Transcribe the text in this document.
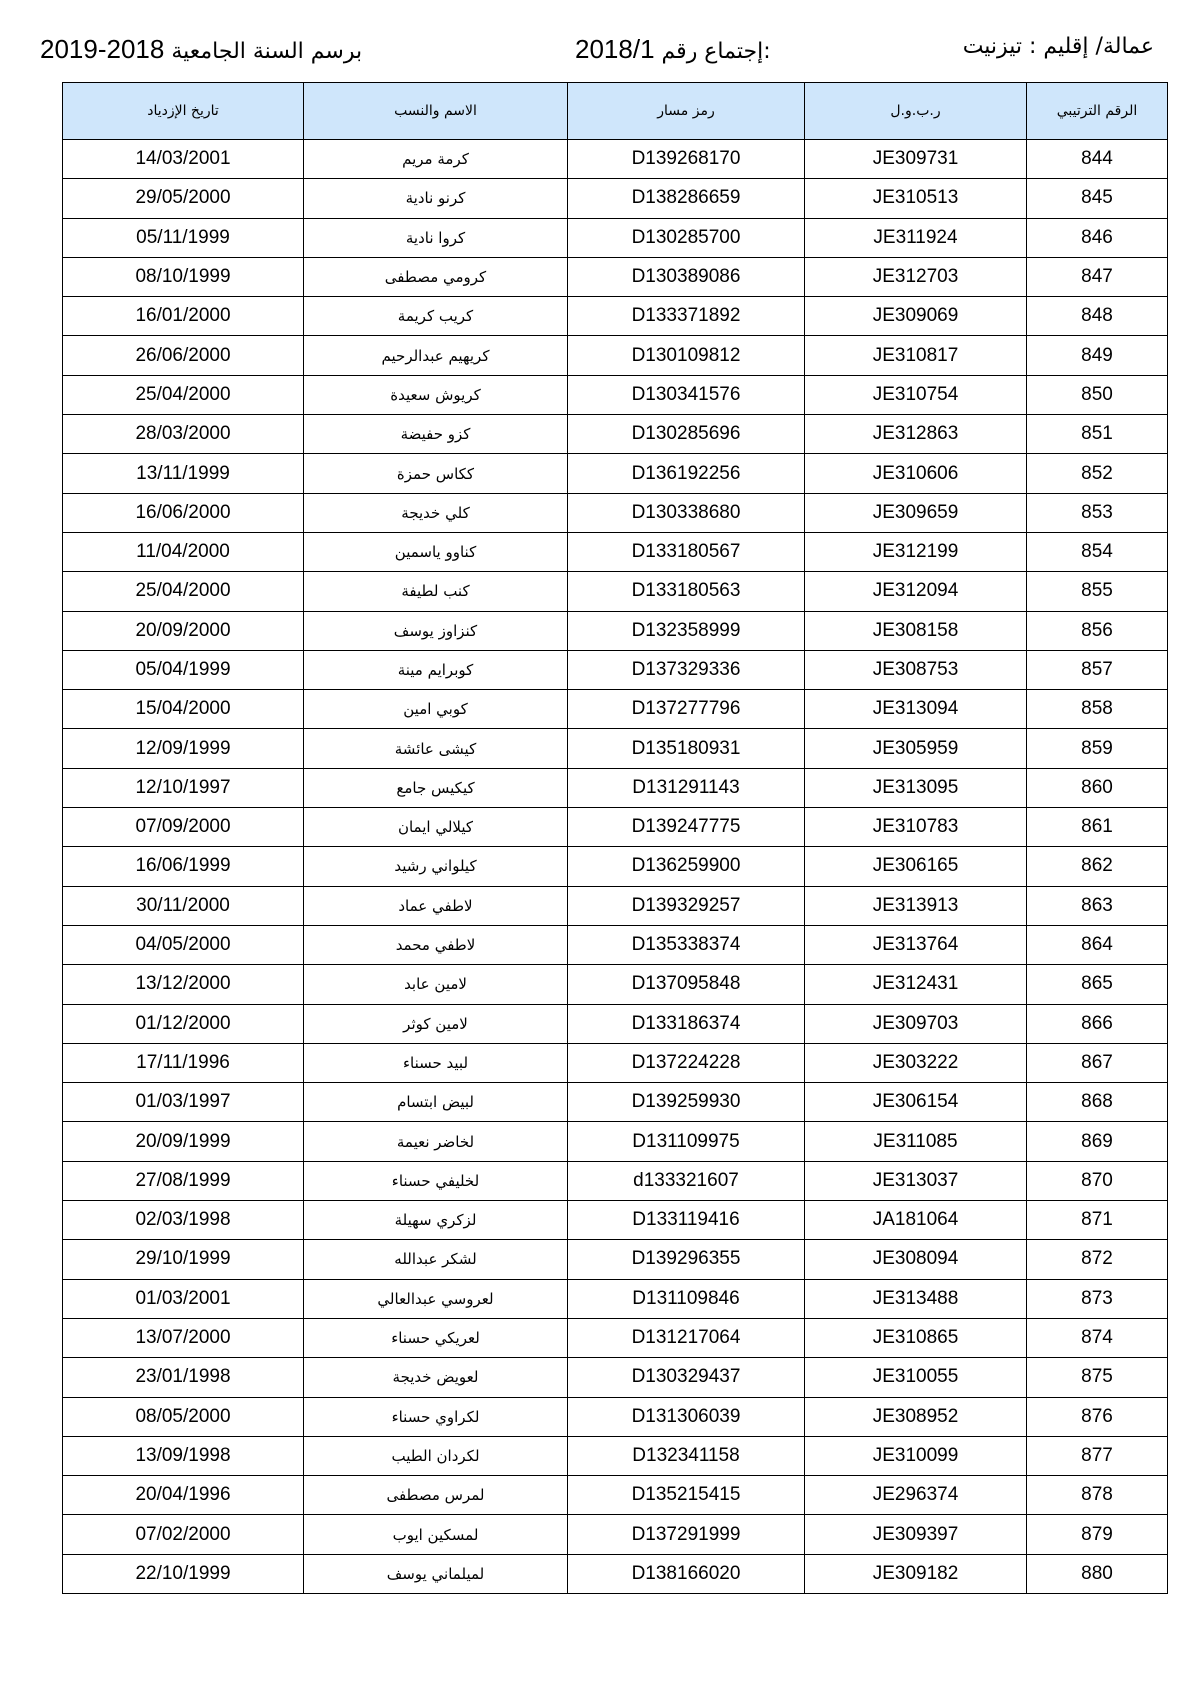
2019-2018 برسم السنة الجامعية	2018/1 إجتماع رقم:	عمالة/ إقليم : تيزنيت
الرقم الترتيبي	ر.ب.و.ل	رمز مسار	الاسم والنسب	تاريخ الإزدياد
844	JE309731	D139268170	كرمة مريم	14/03/2001
845	JE310513	D138286659	كرنو نادية	29/05/2000
846	JE311924	D130285700	كروا نادية	05/11/1999
847	JE312703	D130389086	كرومي مصطفى	08/10/1999
848	JE309069	D133371892	كريب كريمة	16/01/2000
849	JE310817	D130109812	كريهيم عبدالرحيم	26/06/2000
850	JE310754	D130341576	كريوش سعيدة	25/04/2000
851	JE312863	D130285696	كزو حفيضة	28/03/2000
852	JE310606	D136192256	ككاس حمزة	13/11/1999
853	JE309659	D130338680	كلي خديجة	16/06/2000
854	JE312199	D133180567	كناوو ياسمين	11/04/2000
855	JE312094	D133180563	كنب لطيفة	25/04/2000
856	JE308158	D132358999	كنزاوز يوسف	20/09/2000
857	JE308753	D137329336	كوبرايم مينة	05/04/1999
858	JE313094	D137277796	كوبي امين	15/04/2000
859	JE305959	D135180931	كيشى عائشة	12/09/1999
860	JE313095	D131291143	كيكيس جامع	12/10/1997
861	JE310783	D139247775	كيلالي ايمان	07/09/2000
862	JE306165	D136259900	كيلواني رشيد	16/06/1999
863	JE313913	D139329257	لاطفي عماد	30/11/2000
864	JE313764	D135338374	لاطفي محمد	04/05/2000
865	JE312431	D137095848	لامين عابد	13/12/2000
866	JE309703	D133186374	لامين كوثر	01/12/2000
867	JE303222	D137224228	لبيد حسناء	17/11/1996
868	JE306154	D139259930	لبيض ابتسام	01/03/1997
869	JE311085	D131109975	لخاضر نعيمة	20/09/1999
870	JE313037	d133321607	لخليفي حسناء	27/08/1999
871	JA181064	D133119416	لزكري سهيلة	02/03/1998
872	JE308094	D139296355	لشكر عبدالله	29/10/1999
873	JE313488	D131109846	لعروسي عبدالعالي	01/03/2001
874	JE310865	D131217064	لعريكي حسناء	13/07/2000
875	JE310055	D130329437	لعويض خديجة	23/01/1998
876	JE308952	D131306039	لكراوي حسناء	08/05/2000
877	JE310099	D132341158	لكردان الطيب	13/09/1998
878	JE296374	D135215415	لمرس مصطفى	20/04/1996
879	JE309397	D137291999	لمسكين ايوب	07/02/2000
880	JE309182	D138166020	لميلماني يوسف	22/10/1999
